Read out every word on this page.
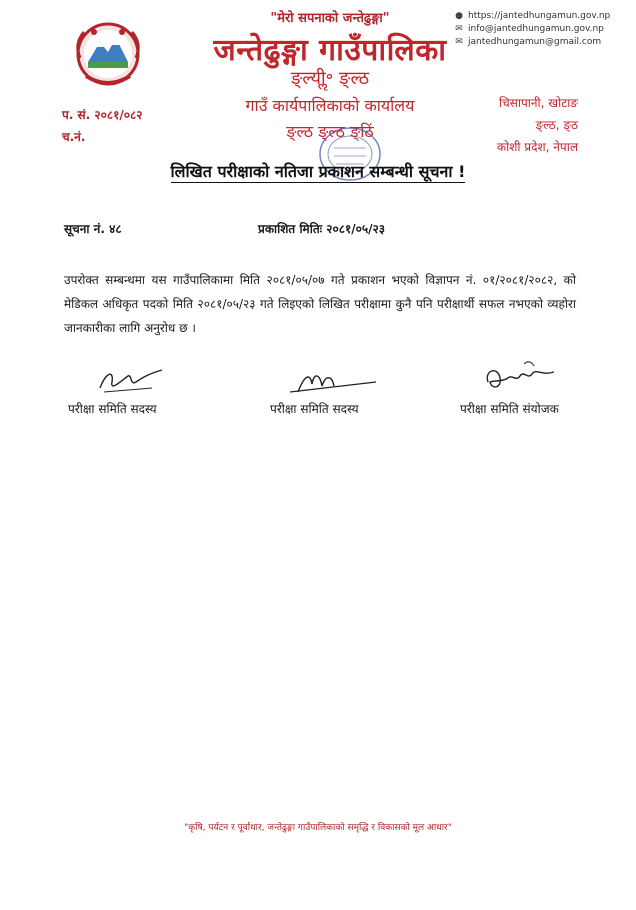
"मेरो सपनाको जन्तेढुङ्गा"
जन्तेढुङ्गा गाउँपालिका
ङ्ल्यीॢ॰ ङ्ल्ठ
गाउँ कार्यपालिकाको कार्यालय
ङ्ल्ठ ङ्ल्ठ ङ्ठिं
● https://jantedhungamun.gov.np
✉ info@jantedhungamun.gov.np
✉ jantedhungamun@gmail.com
प. सं. २०८१/०८२
च.नं.
चिसापानी, खोटाङ
ङ्ल्ठ, ङ्ठ
कोशी प्रदेश, नेपाल
लिखित परीक्षाको नतिजा प्रकाशन सम्बन्धी सूचना !
सूचना नं. ४८	प्रकाशित मितिः २०८१/०५/२३
उपरोक्त सम्बन्धमा यस गाउँपालिकामा मिति २०८१/०५/०७ गते प्रकाशन भएको विज्ञापन नं. ०१/२०८१/२०८२, को मेडिकल अधिकृत पदको मिति २०८१/०५/२३ गते लिइएको लिखित परीक्षामा कुनै पनि परीक्षार्थी सफल नभएको व्यहोरा जानकारीका लागि अनुरोध छ ।
परीक्षा समिति सदस्य	परीक्षा समिति सदस्य	परीक्षा समिति संयोजक
"कृषि, पर्यटन र पूर्वाधार, जन्तेढुङ्गा गाउँपालिकाको समृद्धि र विकासको मूल आधार"
